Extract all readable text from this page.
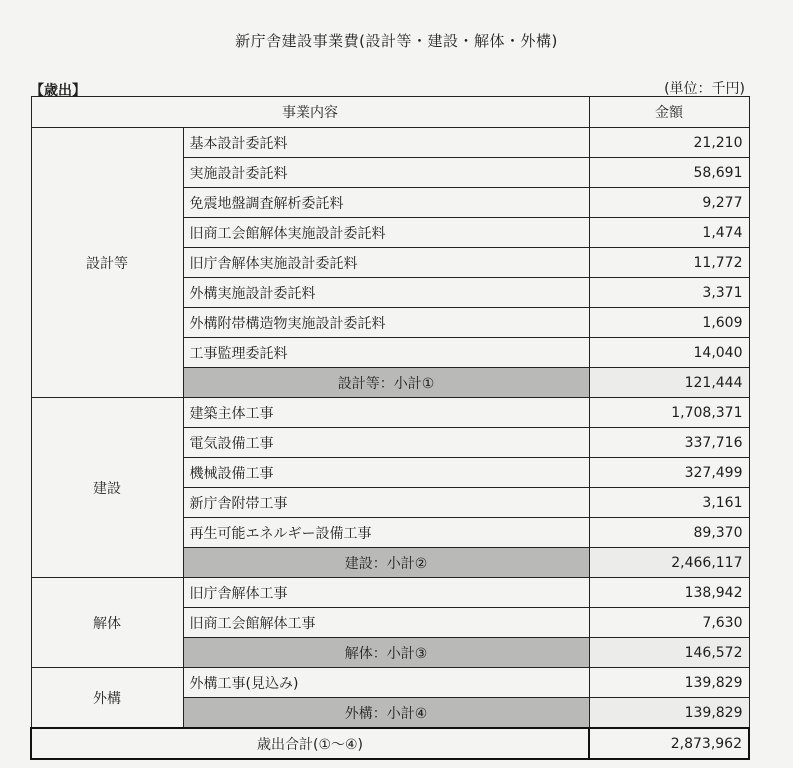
新庁舎建設事業費(設計等・建設・解体・外構)
【歳出】	(単位：千円)
事業内容		金額
設計等	基本設計委託料	21,210
	実施設計委託料	58,691
	免震地盤調査解析委託料	9,277
	旧商工会館解体実施設計委託料	1,474
	旧庁舎解体実施設計委託料	11,772
	外構実施設計委託料	3,371
	外構附帯構造物実施設計委託料	1,609
	工事監理委託料	14,040
	設計等：小計①	121,444
建設	建築主体工事	1,708,371
	電気設備工事	337,716
	機械設備工事	327,499
	新庁舎附帯工事	3,161
	再生可能エネルギー設備工事	89,370
	建設：小計②	2,466,117
解体	旧庁舎解体工事	138,942
	旧商工会館解体工事	7,630
	解体：小計③	146,572
外構	外構工事(見込み)	139,829
	外構：小計④	139,829
歳出合計(①～④)		2,873,962
